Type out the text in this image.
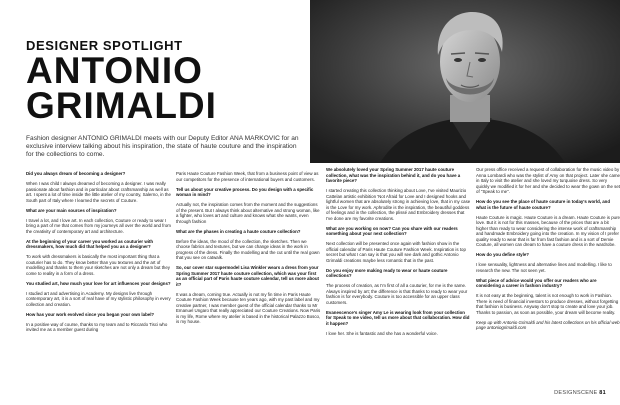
DESIGNER SPOTLIGHT
ANTONIO
GRIMALDI
Fashion designer ANTONIO GRIMALDI meets with our Deputy Editor ANA MARKOVIC for an exclusive interview talking about his inspiration, the state of haute couture and the inspiration for the collections to come.

Did you always dream of becoming a designer?

When I was child I always dreamed of becoming a designer. I was really passionate about fashion and in particular about craftsmanship as well as art. I spent a lot of time inside the little atelier of my country, Salerno, in the South part of Italy where I learned the secrets of Couture.

What are your main sources of inspiration?

I travel a lot, and I love art. In each collection, Couture or ready to wear I bring a part of me that comes from my journeys all over the world and from the creativity of contemporary art and architecture.

At the beginning of your career you worked as couturier with dressmakers, how much did that helped you as a designer?

To work with dressmakers is basically the most important thing that a couturier has to do. They know better than you textures and the art of modelling and thanks to them your sketches are not only a dream but they come to reality in a form of a dress.

You studied art, how much your love for art influences your designs?

I studied art and advertising in Academy. My designs live through contemporary art, it is a sort of real have of my stylistic philosophy in every collection and creation.

How has your work evolved since you began your own label?

In a positive way of course, thanks to my team and to Riccardo Tisci who invited me as a member guest during

Paris Haute Couture Fashion Week, that from a business point of view as our competitors for the presence of international buyers and customers.

Tell us about your creative process. Do you design with a specific woman in mind?

Actually not, the inspiration comes from the moment and the suggestions of the present. But I always think about alternative and strong woman, like a fighter, who loves art and culture and knows what she wants, even through fashion

What are the phases in creating a haute couture collection?

Before the ideas, the mood of the collection, the sketches. Then we choose fabrics and textures, but we can change ideas in the work in progress of the dress. Finally the modelling and the cut until the real gown that you see on catwalk.

So, our cover star supermodel Lisa Winkler wears a dress from your Spring Summer 2017 haute couture collection, which was your first as an official part of Paris haute couture calendar, tell us more about it?

It was a dream, coming true. Actually is not my fin time in Paris Haute Couture Fashion Week because ten years ago, with my past label and my creative partner, I was member guest of the official calendar thanks to Mr Emanuel Ungaro that really appreciated our Couture Creations. Now Paris is my life, Rome where my atelier is based in the historical Palazzo Bosco, is my house.

We absolutely loved your Spring Summer 2017 haute couture collection, what was the inspiration behind it, and do you have a favorite piece?

I started creating this collection thinking about Love, I've visited Maurizio Cattelan artistic exhibition 'Not Afraid for Love and I designed hooks and lightful women that are absolutely strong in achieving love, that in my case is the Love for my work. Aphrodite is the inspiration, the beautiful goddess of feelings and in the collection, the plissé and Embroidery dresses that I've done are my favorite creations.

What are you working on now? Can you share with our readers something about your next collection?

Next collection will be presented once again with fashion show in the official calendar of Paris Haute Couture Fashion Week. Inspiration is top secret but what I can say is that you will see dark and gothic Antonio Grimaldi creations maybe less romantic that in the past.

Do you enjoy more making ready to wear or haute couture collections?

The process of creation, as I'm first of all a couturier, for me is the same. Always inspired by art; the difference is that thanks to ready to wear your fashion is for everybody. Couture is too accessible for an upper class customers.

Evanescence's singer Amy Le is wearing look from your collection for Speak to me video, tell us more about that collaboration. How did it happen?

I love her. She is fantastic and she has a wonderful voice.

Our press office received a request of collaboration for the music video by Anna Lombardi who was the stylist of Amy on that project. Later she came in Italy to visit the atelier and she loved my turquoise dress. So very quickly we modified it for her and she decided to wear the gown on the set of "Speak to me".

How do you see the place of haute couture in today's world, and what is the future of haute couture?

Haute Couture is magic. Haute Couture is a dream. Haute Couture is pure love. But it is not for this masses, because of the prices that are a bit higher than ready to wear considering the intense work of craftsmanship and handmade Embroidery going into the creation. In my vision of I prefer quality ready to wear that is far from fast fashion and is a sort of Demie Couture, all women can dream to have a couture dress in the wardrobe.

How do you define style?

I love sensuality, lightness and alternative lines and modelling. I like to research the new. The not seen yet.

What piece of advice would you offer our readers who are considering a career in fashion industry?

It is not easy at the beginning, talent is not enough to work in Fashion. There is need of financial investors to produce dresses, without forgetting that fashion is business. Anyway don't stop to create and love your job. Thanks to passion, as soon as possible, your dream will become reality.

Keep up with Antonio Grimaldi and his latest collections on his official web page antoniogrimaldi.com

DESIGNSCENE 81
